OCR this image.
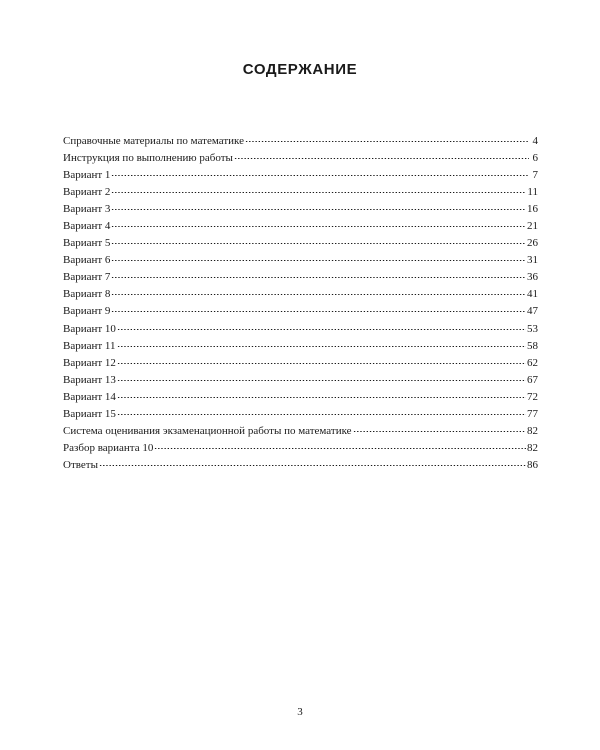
СОДЕРЖАНИЕ
Справочные материалы по математике	4
Инструкция по выполнению работы	6
Вариант 1	7
Вариант 2	11
Вариант 3	16
Вариант 4	21
Вариант 5	26
Вариант 6	31
Вариант 7	36
Вариант 8	41
Вариант 9	47
Вариант 10	53
Вариант 11	58
Вариант 12	62
Вариант 13	67
Вариант 14	72
Вариант 15	77
Система оценивания экзаменационной работы по математике	82
Разбор варианта 10	82
Ответы	86
3
